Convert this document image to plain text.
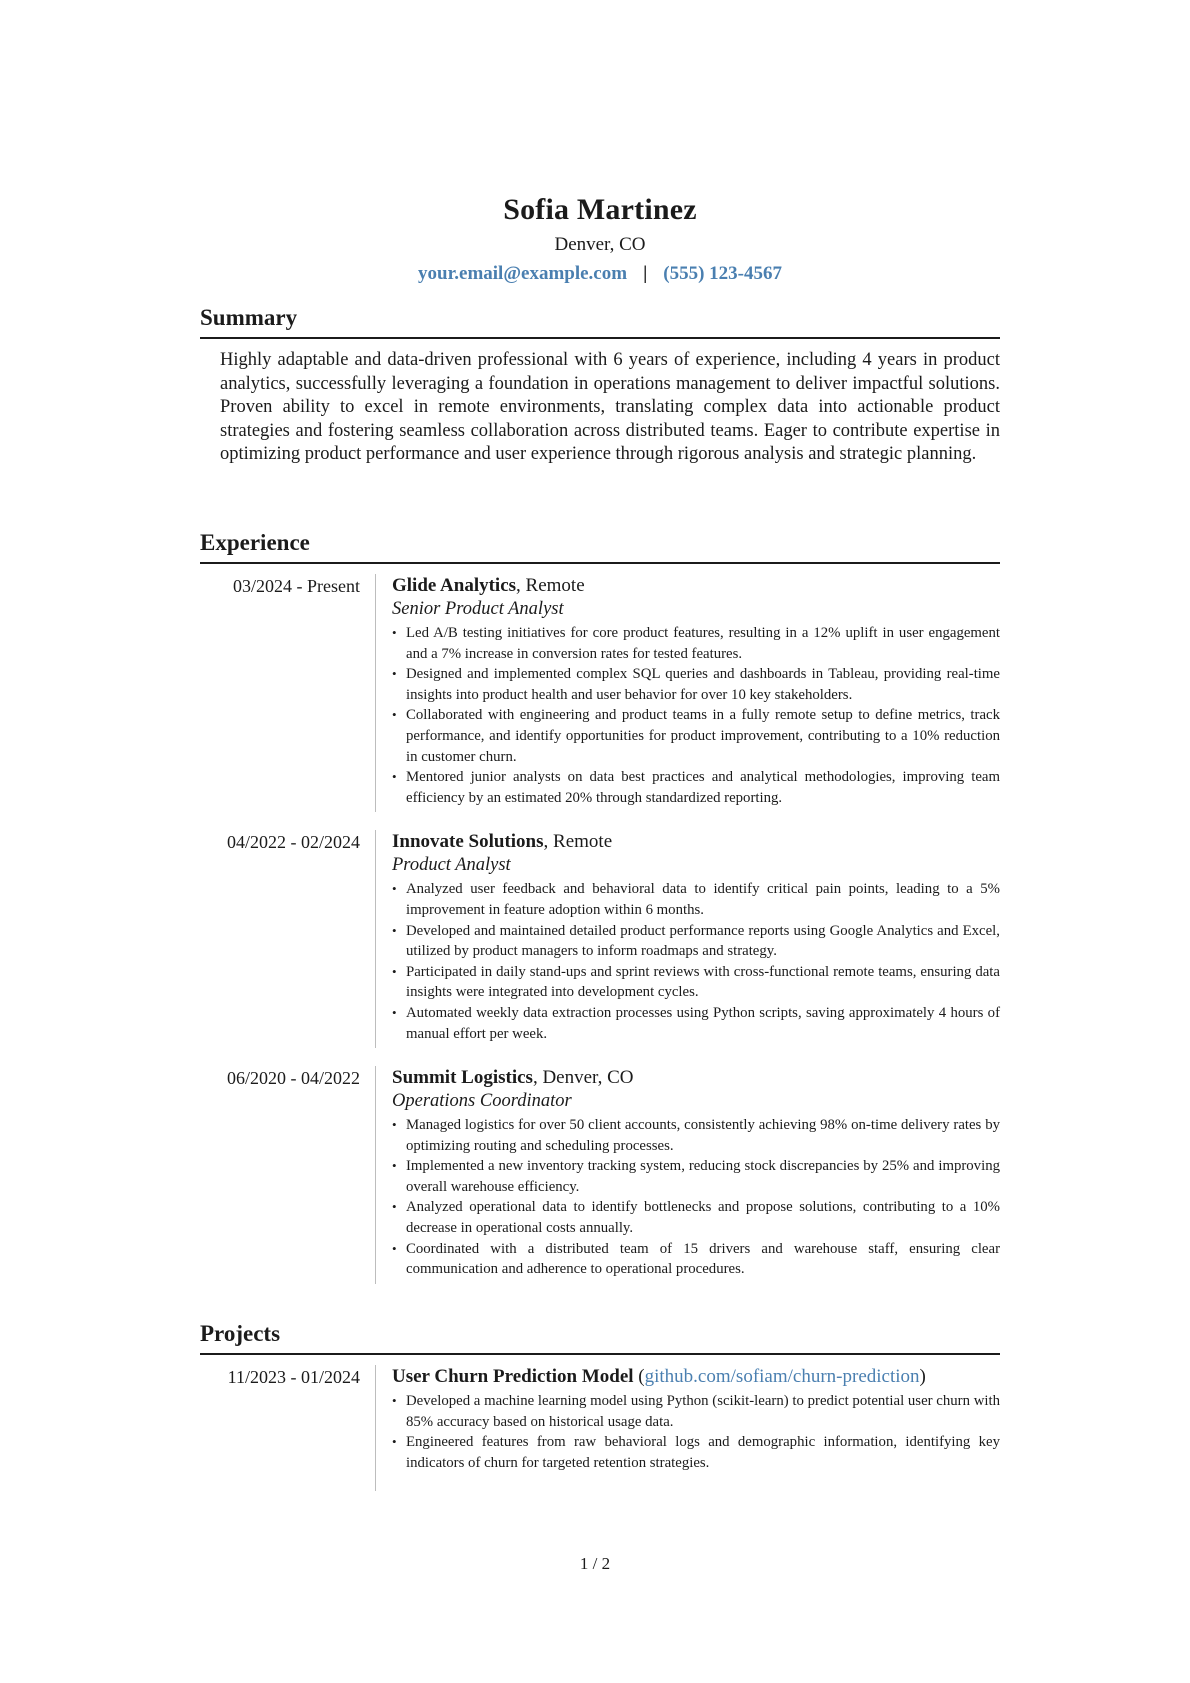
Sofia Martinez
Denver, CO
your.email@example.com | (555) 123-4567
Summary
Highly adaptable and data-driven professional with 6 years of experience, including 4 years in product analytics, successfully leveraging a foundation in operations management to deliver impactful solutions. Proven ability to excel in remote environments, translating complex data into actionable product strategies and fostering seamless collaboration across distributed teams. Eager to contribute expertise in optimizing product performance and user experience through rigorous analysis and strategic planning.
Experience
03/2024 - Present	Glide Analytics, Remote
Senior Product Analyst
• Led A/B testing initiatives for core product features, resulting in a 12% uplift in user engagement and a 7% increase in conversion rates for tested features.
• Designed and implemented complex SQL queries and dashboards in Tableau, providing real-time insights into product health and user behavior for over 10 key stakeholders.
• Collaborated with engineering and product teams in a fully remote setup to define metrics, track performance, and identify opportunities for product improvement, contributing to a 10% reduction in customer churn.
• Mentored junior analysts on data best practices and analytical methodologies, improving team efficiency by an estimated 20% through standardized reporting.
04/2022 - 02/2024	Innovate Solutions, Remote
Product Analyst
• Analyzed user feedback and behavioral data to identify critical pain points, leading to a 5% improvement in feature adoption within 6 months.
• Developed and maintained detailed product performance reports using Google Analytics and Excel, utilized by product managers to inform roadmaps and strategy.
• Participated in daily stand-ups and sprint reviews with cross-functional remote teams, ensuring data insights were integrated into development cycles.
• Automated weekly data extraction processes using Python scripts, saving approximately 4 hours of manual effort per week.
06/2020 - 04/2022	Summit Logistics, Denver, CO
Operations Coordinator
• Managed logistics for over 50 client accounts, consistently achieving 98% on-time delivery rates by optimizing routing and scheduling processes.
• Implemented a new inventory tracking system, reducing stock discrepancies by 25% and improving overall warehouse efficiency.
• Analyzed operational data to identify bottlenecks and propose solutions, contributing to a 10% decrease in operational costs annually.
• Coordinated with a distributed team of 15 drivers and warehouse staff, ensuring clear communication and adherence to operational procedures.
Projects
11/2023 - 01/2024	User Churn Prediction Model (github.com/sofiam/churn-prediction)
• Developed a machine learning model using Python (scikit-learn) to predict potential user churn with 85% accuracy based on historical usage data.
• Engineered features from raw behavioral logs and demographic information, identifying key indicators of churn for targeted retention strategies.
1 / 2
